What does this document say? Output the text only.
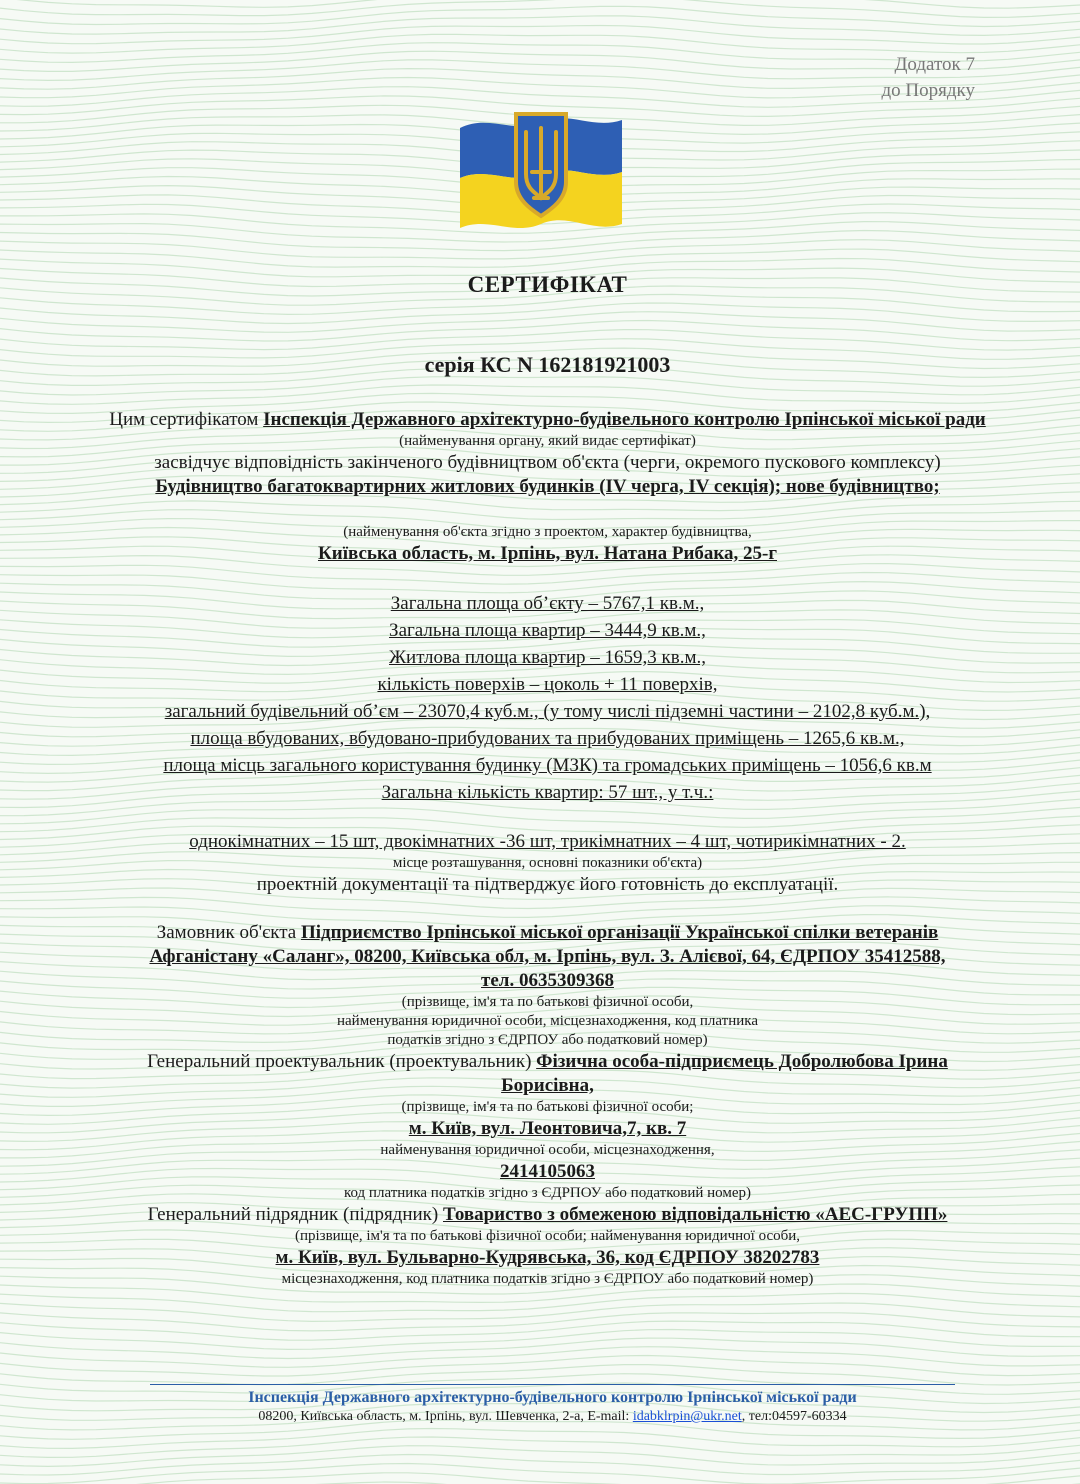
Додаток 7
до Порядку
СЕРТИФІКАТ
серія КС N 162181921003

Цим сертифікатом Інспекція Державного архітектурно-будівельного контролю Ірпінської міської ради

(найменування органу, який видає сертифікат)

засвідчує відповідність закінченого будівництвом об'єкта (черги, окремого пускового комплексу)

Будівництво багатоквартирних житлових будинків (IV черга, IV секція); нове будівництво;

(найменування об'єкта згідно з проектом, характер будівництва,

Київська область, м. Ірпінь, вул. Натана Рибака, 25-г

Загальна площа об’єкту – 5767,1 кв.м.,

Загальна площа квартир – 3444,9 кв.м.,

Житлова площа квартир – 1659,3 кв.м.,

кількість поверхів – цоколь + 11 поверхів,

загальний будівельний об’єм – 23070,4 куб.м., (у тому числі підземні частини – 2102,8 куб.м.),

площа вбудованих, вбудовано-прибудованих та прибудованих приміщень – 1265,6 кв.м.,

площа місць загального користування будинку (МЗК) та громадських приміщень – 1056,6 кв.м

Загальна кількість квартир: 57 шт., у т.ч.:

однокімнатних – 15 шт, двокімнатних -36 шт, трикімнатних – 4 шт, чотирикімнатних - 2.

місце розташування, основні показники об'єкта)

проектній документації та підтверджує його готовність до експлуатації.

Замовник об'єкта Підприємство Ірпінської міської організації Української спілки ветеранів

Афганістану «Саланг», 08200, Київська обл, м. Ірпінь, вул. З. Алієвої, 64, ЄДРПОУ 35412588,

тел. 0635309368

(прізвище, ім'я та по батькові фізичної особи,

найменування юридичної особи, місцезнаходження, код платника

податків згідно з ЄДРПОУ або податковий номер)

Генеральний проектувальник (проектувальник) Фізична особа-підприємець Добролюбова Ірина

Борисівна,

(прізвище, ім'я та по батькові фізичної особи;

м. Київ, вул. Леонтовича,7, кв. 7

найменування юридичної особи, місцезнаходження,

2414105063

код платника податків згідно з ЄДРПОУ або податковий номер)

Генеральний підрядник (підрядник) Товариство з обмеженою відповідальністю «АЕС-ГРУПП»

(прізвище, ім'я та по батькові фізичної особи; найменування юридичної особи,

м. Київ, вул. Бульварно-Кудрявська, 36, код ЄДРПОУ 38202783

місцезнаходження, код платника податків згідно з ЄДРПОУ або податковий номер)

Інспекція Державного архітектурно-будівельного контролю Ірпінської міської ради
08200, Київська область, м. Ірпінь, вул. Шевченка, 2-а, E-mail: idabklrpin@ukr.net, тел:04597-60334
